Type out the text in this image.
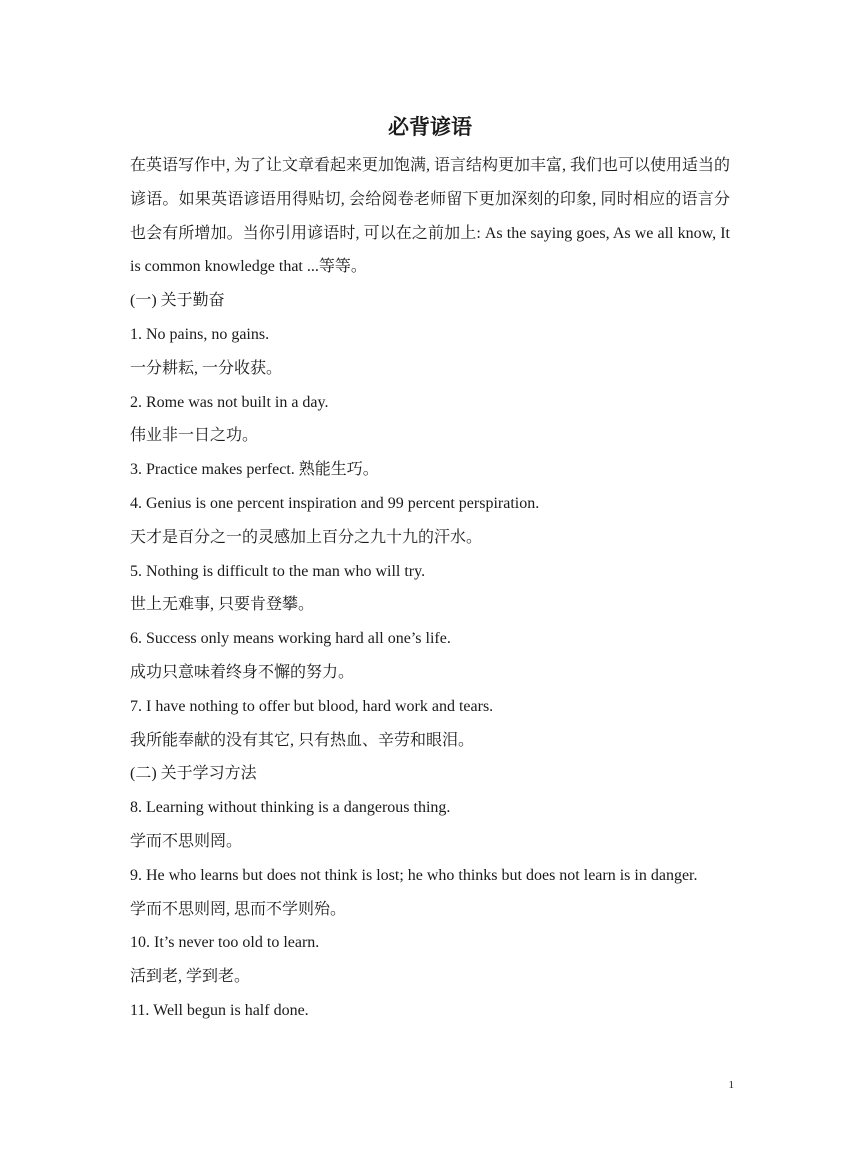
必背谚语

在英语写作中, 为了让文章看起来更加饱满, 语言结构更加丰富, 我们也可以使用适当的谚语。如果英语谚语用得贴切, 会给阅卷老师留下更加深刻的印象, 同时相应的语言分也会有所增加。当你引用谚语时, 可以在之前加上: As the saying goes, As we all know, It is common knowledge that ...等等。

(一) 关于勤奋

1. No pains, no gains.

一分耕耘, 一分收获。

2. Rome was not built in a day.

伟业非一日之功。

3. Practice makes perfect. 熟能生巧。

4. Genius is one percent inspiration and 99 percent perspiration.

天才是百分之一的灵感加上百分之九十九的汗水。

5. Nothing is difficult to the man who will try.

世上无难事, 只要肯登攀。

6. Success only means working hard all one’s life.

成功只意味着终身不懈的努力。

7. I have nothing to offer but blood, hard work and tears.

我所能奉献的没有其它, 只有热血、辛劳和眼泪。

(二) 关于学习方法

8. Learning without thinking is a dangerous thing.

学而不思则罔。

9. He who learns but does not think is lost; he who thinks but does not learn is in danger.

学而不思则罔, 思而不学则殆。

10. It’s never too old to learn.

活到老, 学到老。

11. Well begun is half done.

1
